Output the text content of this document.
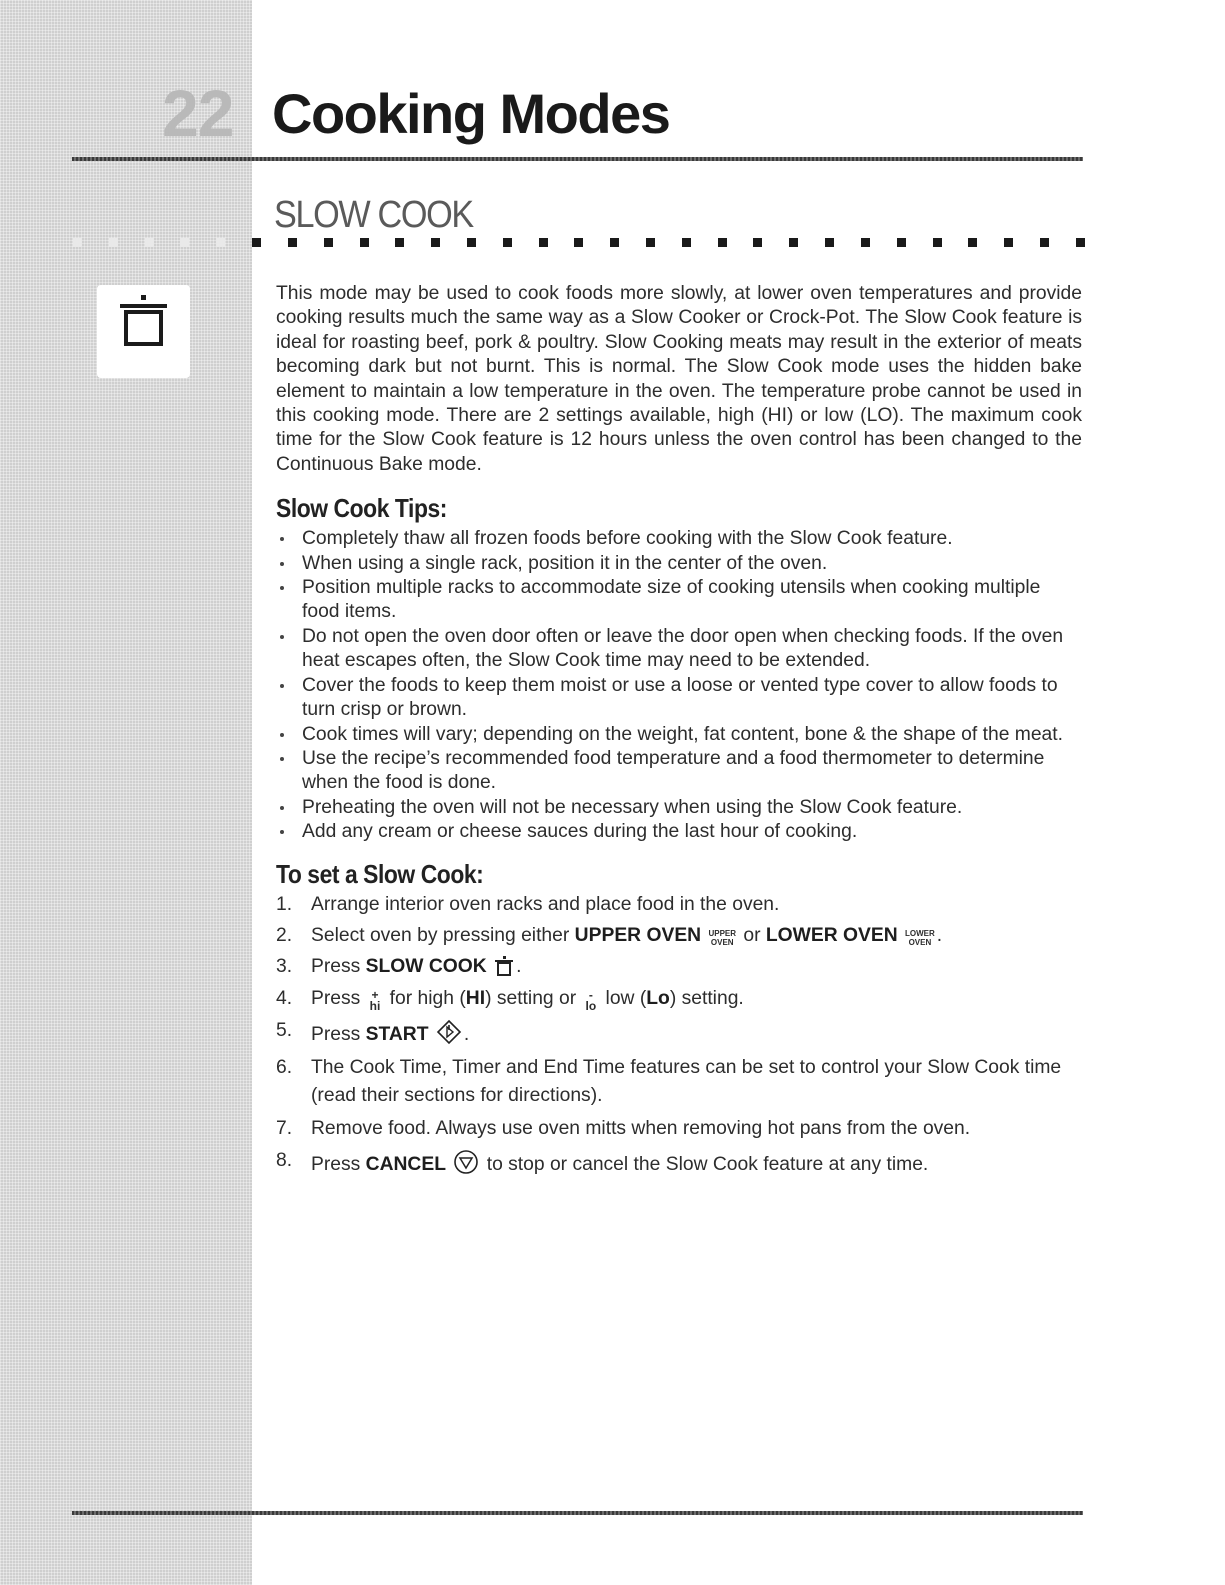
22 Cooking Modes
SLOW COOK

This mode may be used to cook foods more slowly, at lower oven temperatures and provide cooking results much the same way as a Slow Cooker or Crock-Pot. The Slow Cook feature is ideal for roasting beef, pork & poultry. Slow Cooking meats may result in the exterior of meats becoming dark but not burnt. This is normal. The Slow Cook mode uses the hidden bake element to maintain a low temperature in the oven. The temperature probe cannot be used in this cooking mode. There are 2 settings available, high (HI) or low (LO). The maximum cook time for the Slow Cook feature is 12 hours unless the oven control has been changed to the Continuous Bake mode.

Slow Cook Tips:
Completely thaw all frozen foods before cooking with the Slow Cook feature.
When using a single rack, position it in the center of the oven.
Position multiple racks to accommodate size of cooking utensils when cooking multiple food items.
Do not open the oven door often or leave the door open when checking foods. If the oven heat escapes often, the Slow Cook time may need to be extended.
Cover the foods to keep them moist or use a loose or vented type cover to allow foods to turn crisp or brown.
Cook times will vary; depending on the weight, fat content, bone & the shape of the meat.
Use the recipe’s recommended food temperature and a food thermometer to determine when the food is done.
Preheating the oven will not be necessary when using the Slow Cook feature.
Add any cream or cheese sauces during the last hour of cooking.
To set a Slow Cook:
1. Arrange interior oven racks and place food in the oven.
2. Select oven by pressing either UPPER OVEN UPPER
OVEN or LOWER OVEN LOWER
OVEN .
3. Press SLOW COOK .
4. Press +
hi for high (HI) setting or -
lo low (Lo) setting.
5. Press START .
6. The Cook Time, Timer and End Time features can be set to control your Slow Cook time (read their sections for directions).
7. Remove food. Always use oven mitts when removing hot pans from the oven.
8. Press CANCEL  to stop or cancel the Slow Cook feature at any time.
